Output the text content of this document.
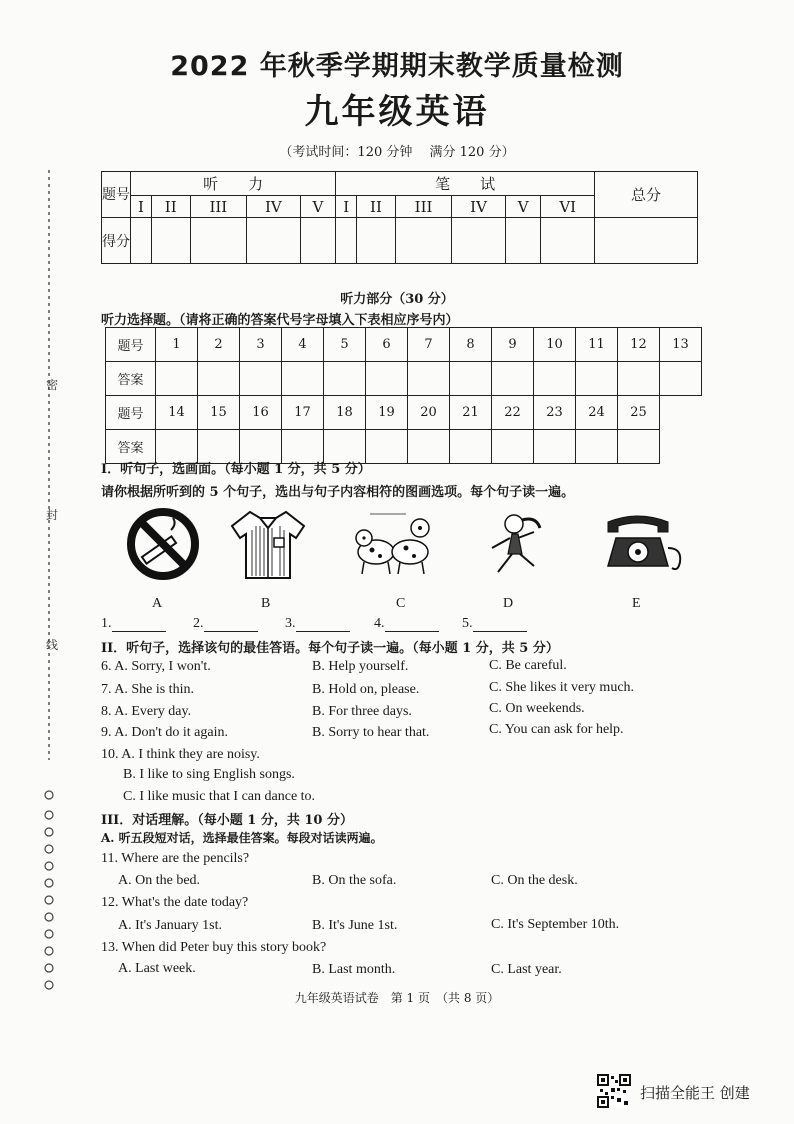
密
封
线
2022 年秋季学期期末教学质量检测
九年级英语
（考试时间：120 分钟　 满分 120 分）
题号	听　　力					笔　　试						总分
	I	II	III	IV	V	I	II	III	IV	V	VI	
得分												
听力部分（30 分）
听力选择题。（请将正确的答案代号字母填入下表相应序号内）
题号	1	2	3	4	5	6	7	8	9	10	11	12	13
答案													
题号	14	15	16	17	18	19	20	21	22	23	24	25	
答案													
I．听句子，选画面。（每小题 1 分，共 5 分）
请你根据所听到的 5 个句子，选出与句子内容相符的图画选项。每个句子读一遍。
A	B	C	D	E
1.	2.	3.	4.	5.
II．听句子，选择该句的最佳答语。每个句子读一遍。（每小题 1 分，共 5 分）
6. A. Sorry, I won't.	B. Help yourself.	C. Be careful.
7. A. She is thin.	B. Hold on, please.	C. She likes it very much.
8. A. Every day.	B. For three days.	C. On weekends.
9. A. Don't do it again.	B. Sorry to hear that.	C. You can ask for help.
10. A. I think they are noisy.
B. I like to sing English songs.
C. I like music that I can dance to.
III．对话理解。（每小题 1 分，共 10 分）
A. 听五段短对话，选择最佳答案。每段对话读两遍。
11. Where are the pencils?
A. On the bed.	B. On the sofa.	C. On the desk.
12. What's the date today?
A. It's January 1st.	B. It's June 1st.	C. It's September 10th.
13. When did Peter buy this story book?
A. Last week.	B. Last month.	C. Last year.
九年级英语试卷　第 1 页　（共 8 页）
扫描全能王 创建
